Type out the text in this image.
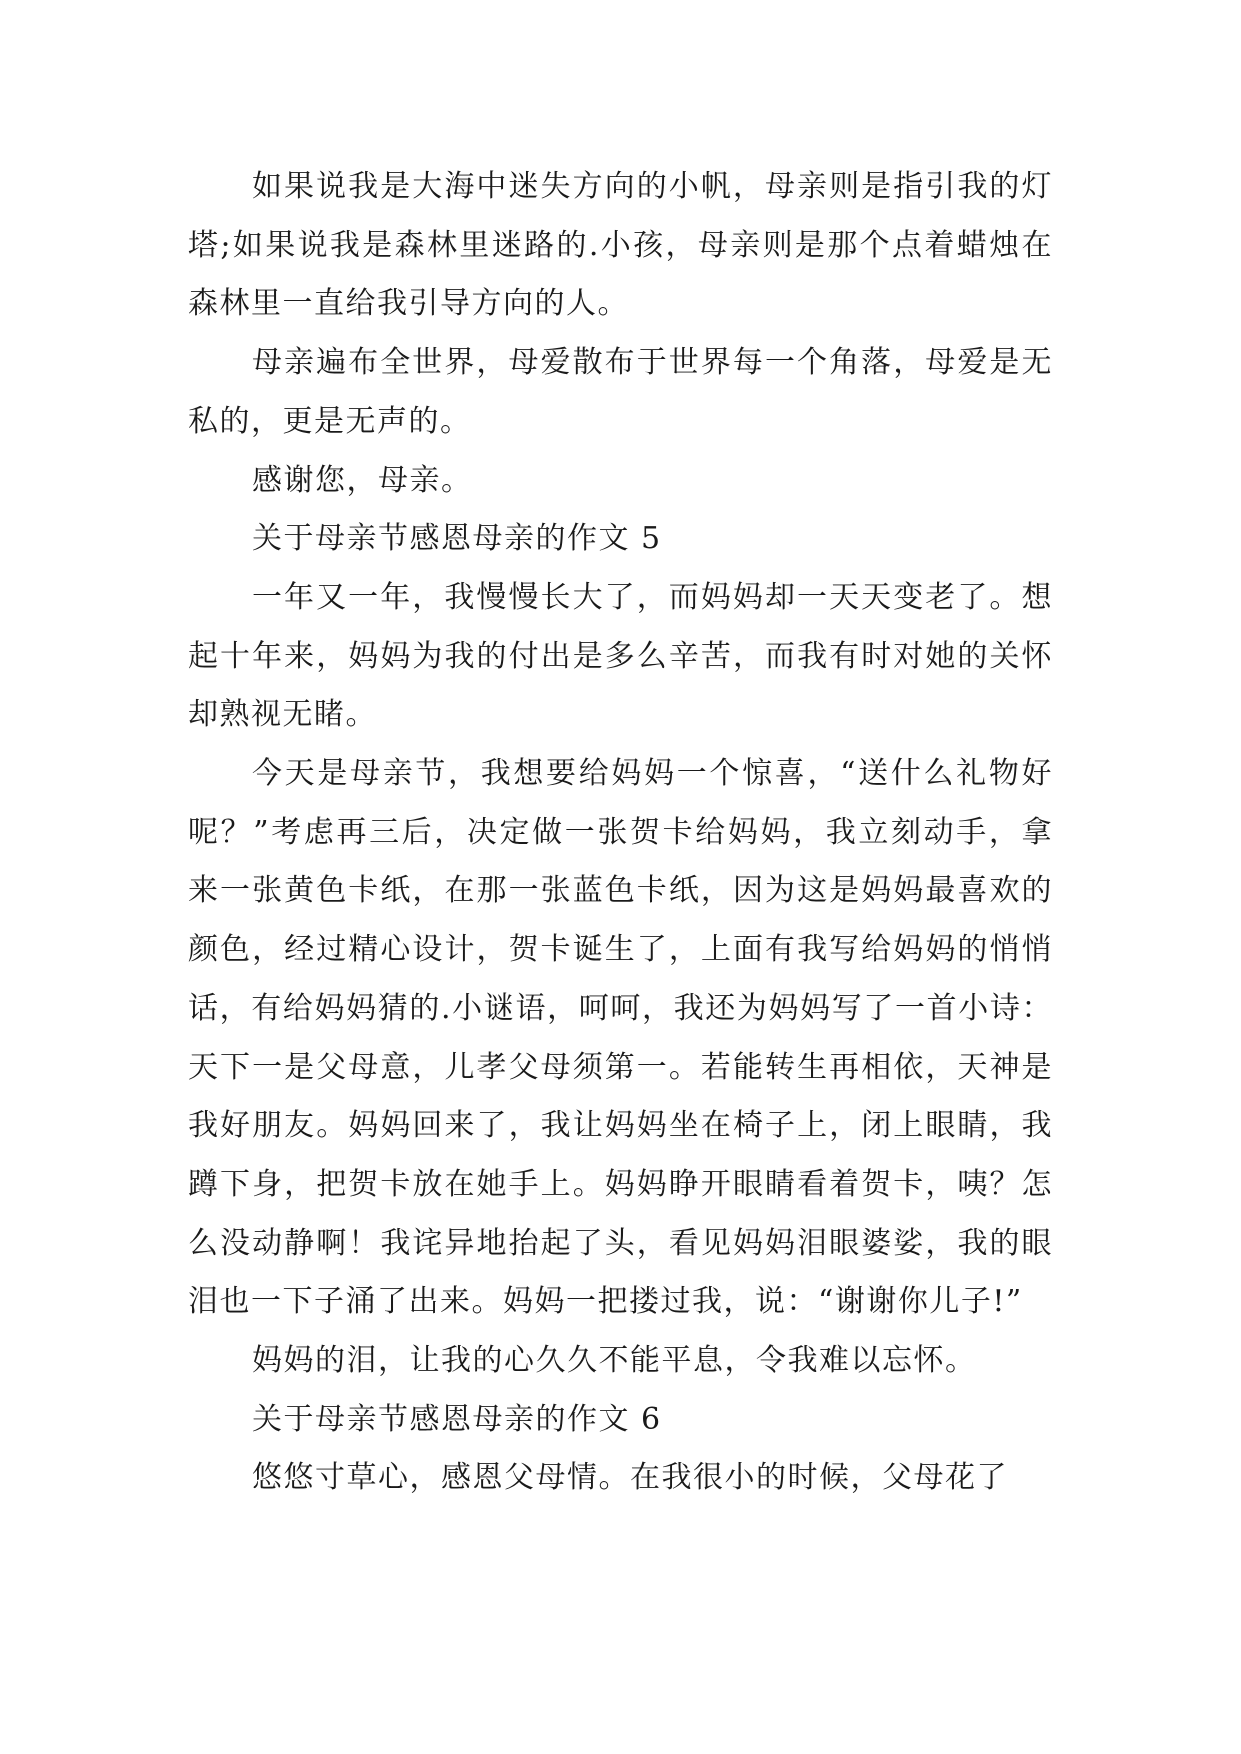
如果说我是大海中迷失方向的小帆，母亲则是指引我的灯塔;如果说我是森林里迷路的.小孩，母亲则是那个点着蜡烛在森林里一直给我引导方向的人。

母亲遍布全世界，母爱散布于世界每一个角落，母爱是无私的，更是无声的。

感谢您，母亲。

关于母亲节感恩母亲的作文 5

一年又一年，我慢慢长大了，而妈妈却一天天变老了。想起十年来，妈妈为我的付出是多么辛苦，而我有时对她的关怀却熟视无睹。

今天是母亲节，我想要给妈妈一个惊喜，“送什么礼物好呢？”考虑再三后，决定做一张贺卡给妈妈，我立刻动手，拿来一张黄色卡纸，在那一张蓝色卡纸，因为这是妈妈最喜欢的颜色，经过精心设计，贺卡诞生了，上面有我写给妈妈的悄悄话，有给妈妈猜的.小谜语，呵呵，我还为妈妈写了一首小诗：天下一是父母意，儿孝父母须第一。若能转生再相依，天神是我好朋友。妈妈回来了，我让妈妈坐在椅子上，闭上眼睛，我蹲下身，把贺卡放在她手上。妈妈睁开眼睛看着贺卡，咦？怎么没动静啊！我诧异地抬起了头，看见妈妈泪眼婆娑，我的眼泪也一下子涌了出来。妈妈一把搂过我，说：“谢谢你儿子!”

妈妈的泪，让我的心久久不能平息，令我难以忘怀。

关于母亲节感恩母亲的作文 6

悠悠寸草心，感恩父母情。在我很小的时候，父母花了
